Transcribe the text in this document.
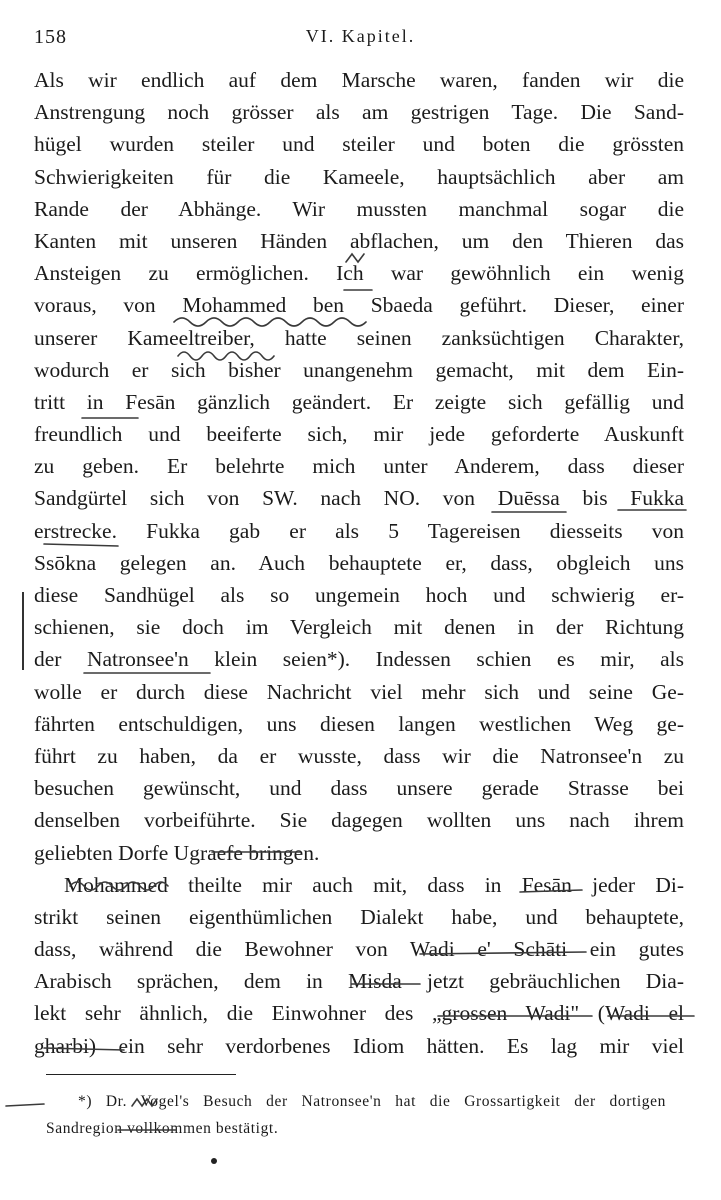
158	VI. Kapitel.
Als wir endlich auf dem Marsche waren, fanden wir die
Anstrengung noch grösser als am gestrigen Tage. Die Sand-
hügel wurden steiler und steiler und boten die grössten
Schwierigkeiten für die Kameele, hauptsächlich aber am
Rande der Abhänge. Wir mussten manchmal sogar die
Kanten mit unseren Händen abflachen, um den Thieren das
Ansteigen zu ermöglichen. Ich war gewöhnlich ein wenig
voraus, von Mohammed ben Sbaeda geführt. Dieser, einer
unserer Kameeltreiber, hatte seinen zanksüchtigen Charakter,
wodurch er sich bisher unangenehm gemacht, mit dem Ein-
tritt in Fesān gänzlich geändert. Er zeigte sich gefällig und
freundlich und beeiferte sich, mir jede geforderte Auskunft
zu geben. Er belehrte mich unter Anderem, dass dieser
Sandgürtel sich von SW. nach NO. von Duēssa bis Fukka
erstrecke. Fukka gab er als 5 Tagereisen diesseits von
Ssōkna gelegen an. Auch behauptete er, dass, obgleich uns
diese Sandhügel als so ungemein hoch und schwierig er-
schienen, sie doch im Vergleich mit denen in der Richtung
der Natronsee'n klein seien*). Indessen schien es mir, als
wolle er durch diese Nachricht viel mehr sich und seine Ge-
fährten entschuldigen, uns diesen langen westlichen Weg ge-
führt zu haben, da er wusste, dass wir die Natronsee'n zu
besuchen gewünscht, und dass unsere gerade Strasse bei
denselben vorbeiführte. Sie dagegen wollten uns nach ihrem
geliebten Dorfe Ugraefe bringen.
Mohammed theilte mir auch mit, dass in Fesān jeder Di-
strikt seinen eigenthümlichen Dialekt habe, und behauptete,
dass, während die Bewohner von Wadi e' Schāti ein gutes
Arabisch sprächen, dem in Misda jetzt gebräuchlichen Dia-
lekt sehr ähnlich, die Einwohner des „grossen Wadi" (Wadi el
gharbi) ein sehr verdorbenes Idiom hätten. Es lag mir viel
*) Dr. Vogel's Besuch der Natronsee'n hat die Grossartigkeit der dortigen
Sandregion vollkommen bestätigt.
